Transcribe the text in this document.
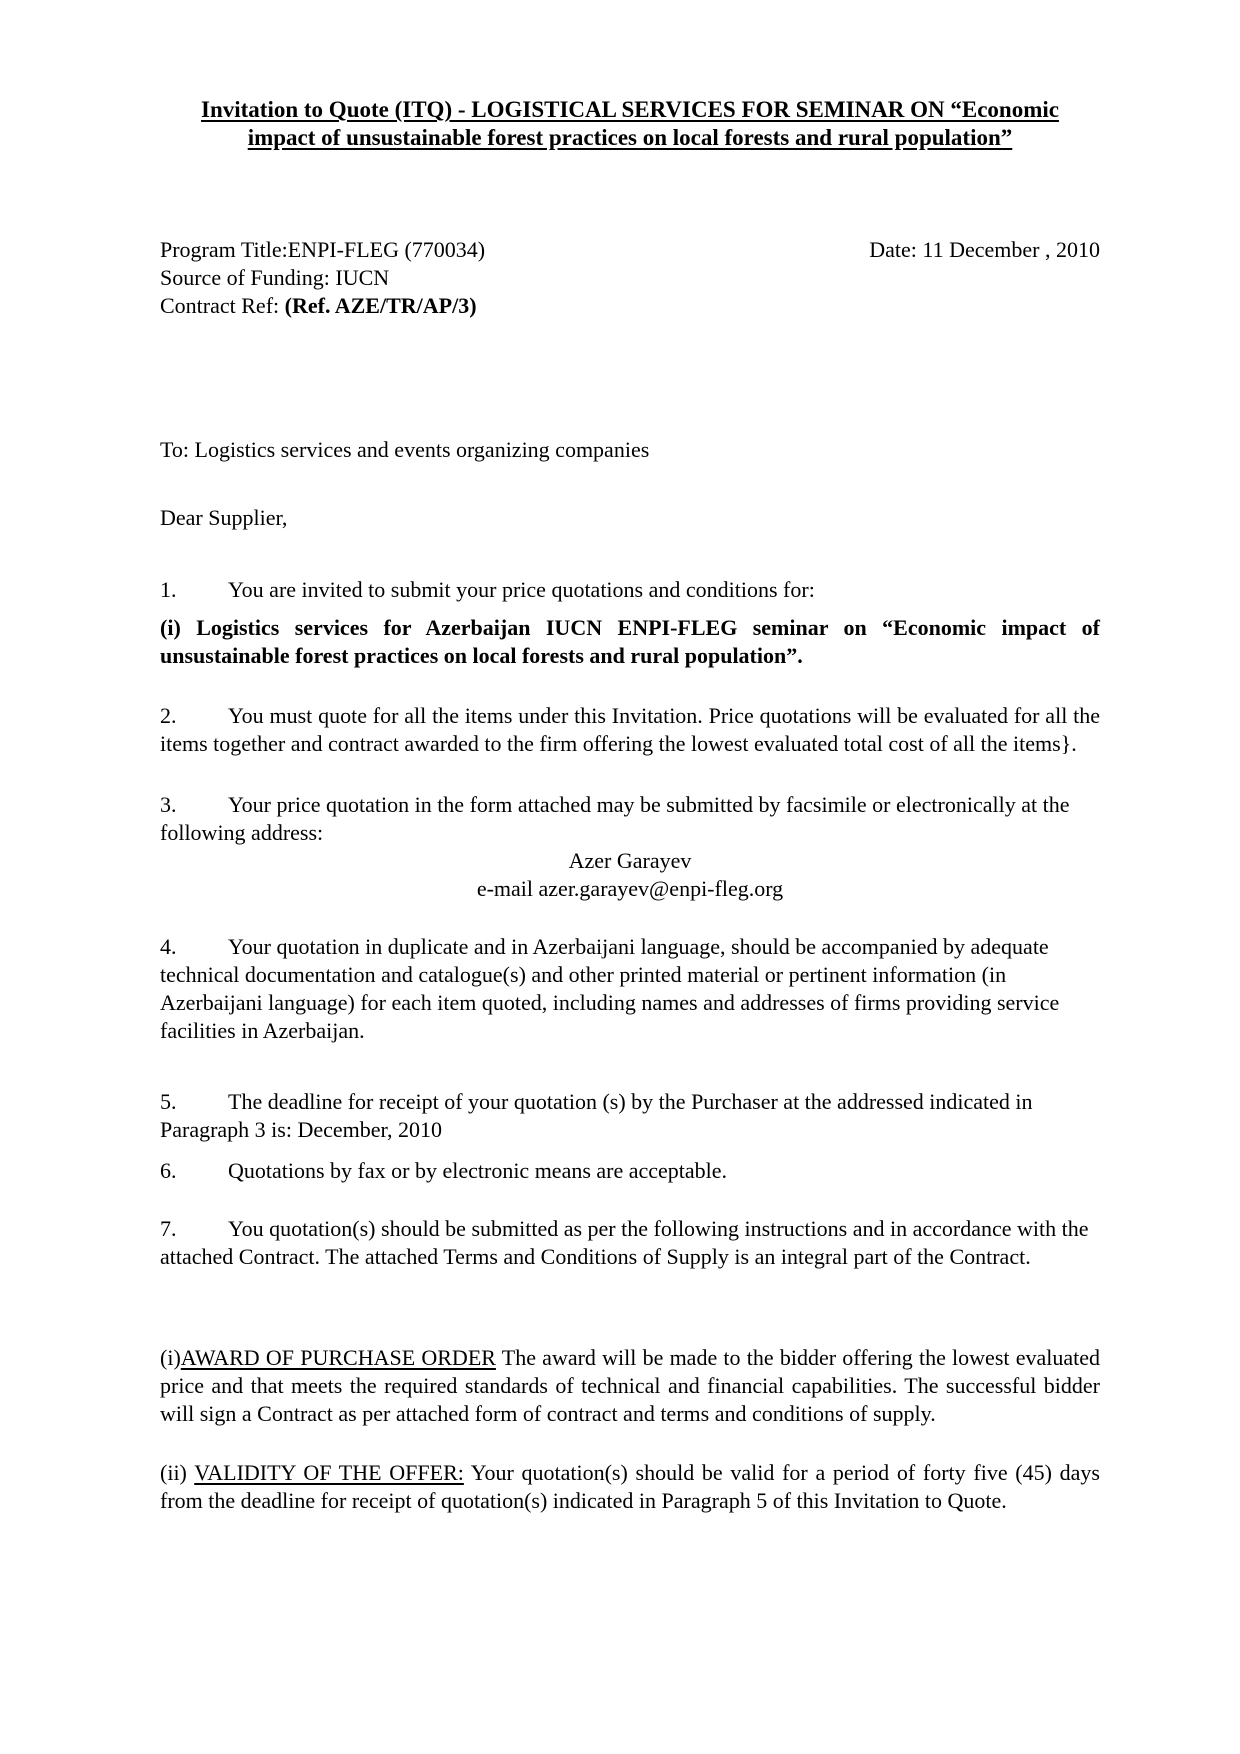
Invitation to Quote (ITQ) - LOGISTICAL SERVICES FOR SEMINAR ON “Economic
impact of unsustainable forest practices on local forests and rural population”
Program Title:ENPI-FLEG (770034)	Date: 11 December , 2010
Source of Funding: IUCN
Contract Ref: (Ref. AZE/TR/AP/3)
To: Logistics services and events organizing companies
Dear Supplier,
1. You are invited to submit your price quotations and conditions for:
(i) Logistics services for Azerbaijan IUCN ENPI-FLEG seminar on “Economic impact of unsustainable forest practices on local forests and rural population”.
2. You must quote for all the items under this Invitation. Price quotations will be evaluated for all the items together and contract awarded to the firm offering the lowest evaluated total cost of all the items}.
3. Your price quotation in the form attached may be submitted by facsimile or electronically at the following address:
Azer Garayev
e-mail azer.garayev@enpi-fleg.org
4. Your quotation in duplicate and in Azerbaijani language, should be accompanied by adequate technical documentation and catalogue(s) and other printed material or pertinent information (in Azerbaijani language) for each item quoted, including names and addresses of firms providing service facilities in Azerbaijan.
5. The deadline for receipt of your quotation (s) by the Purchaser at the addressed indicated in Paragraph 3 is: December, 2010
6. Quotations by fax or by electronic means are acceptable.
7. You quotation(s) should be submitted as per the following instructions and in accordance with the attached Contract. The attached Terms and Conditions of Supply is an integral part of the Contract.
(i)AWARD OF PURCHASE ORDER The award will be made to the bidder offering the lowest evaluated price and that meets the required standards of technical and financial capabilities. The successful bidder will sign a Contract as per attached form of contract and terms and conditions of supply.
(ii) VALIDITY OF THE OFFER: Your quotation(s) should be valid for a period of forty five (45) days from the deadline for receipt of quotation(s) indicated in Paragraph 5 of this Invitation to Quote.
